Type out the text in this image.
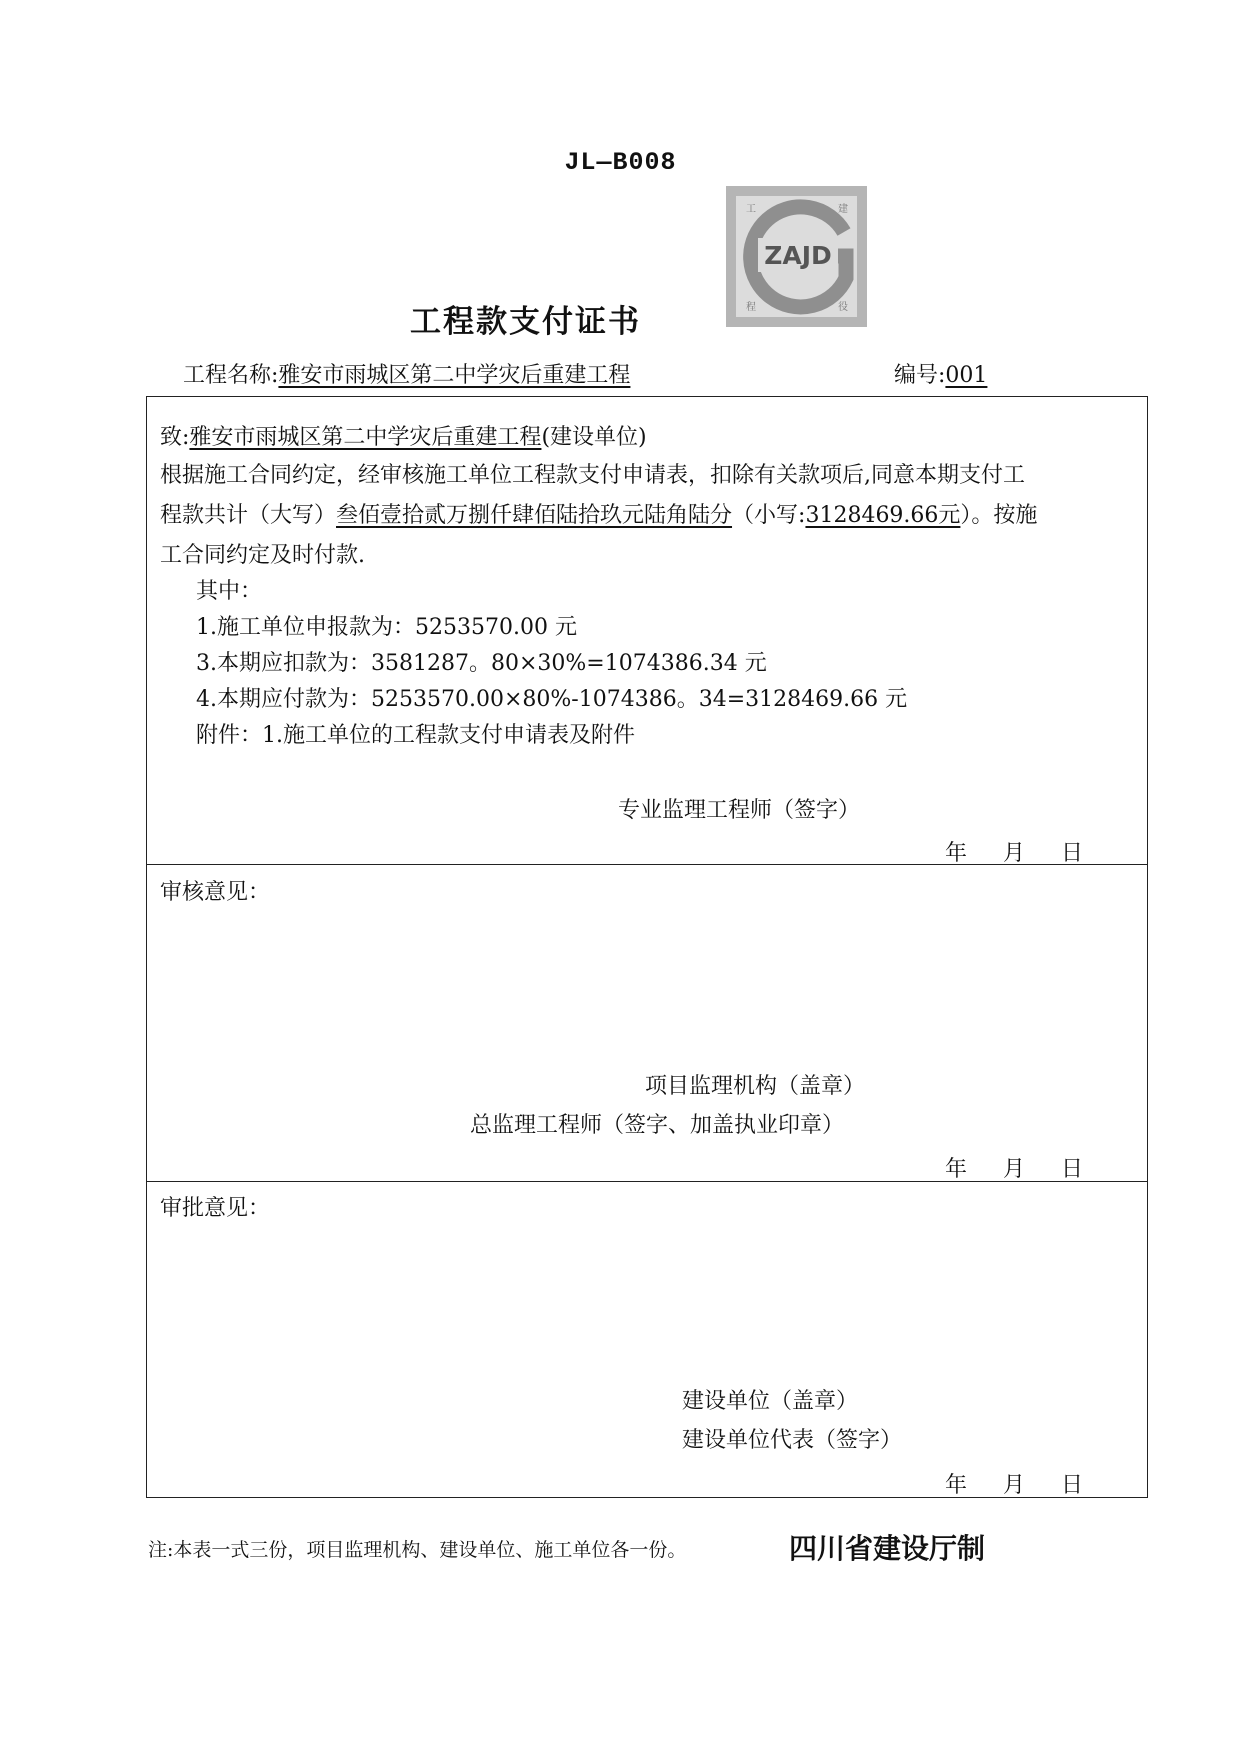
JL—B008
ZAJD
工	建
程	役
工程款支付证书
工程名称:雅安市雨城区第二中学灾后重建工程	编号:001
致:雅安市雨城区第二中学灾后重建工程(建设单位)
根据施工合同约定，经审核施工单位工程款支付申请表，扣除有关款项后,同意本期支付工
程款共计（大写）叁佰壹拾贰万捌仟肆佰陆拾玖元陆角陆分（小写:3128469.66元）。按施
工合同约定及时付款.
其中：
1.施工单位申报款为：5253570.00 元
3.本期应扣款为：3581287。80×30%=1074386.34 元
4.本期应付款为：5253570.00×80%-1074386。34=3128469.66 元
附件：1.施工单位的工程款支付申请表及附件
专业监理工程师（签字）
年 月 日
审核意见：
项目监理机构（盖章）
总监理工程师（签字、加盖执业印章）
年 月 日
审批意见：
建设单位（盖章）
建设单位代表（签字）
年 月 日
注:本表一式三份，项目监理机构、建设单位、施工单位各一份。	四川省建设厅制
